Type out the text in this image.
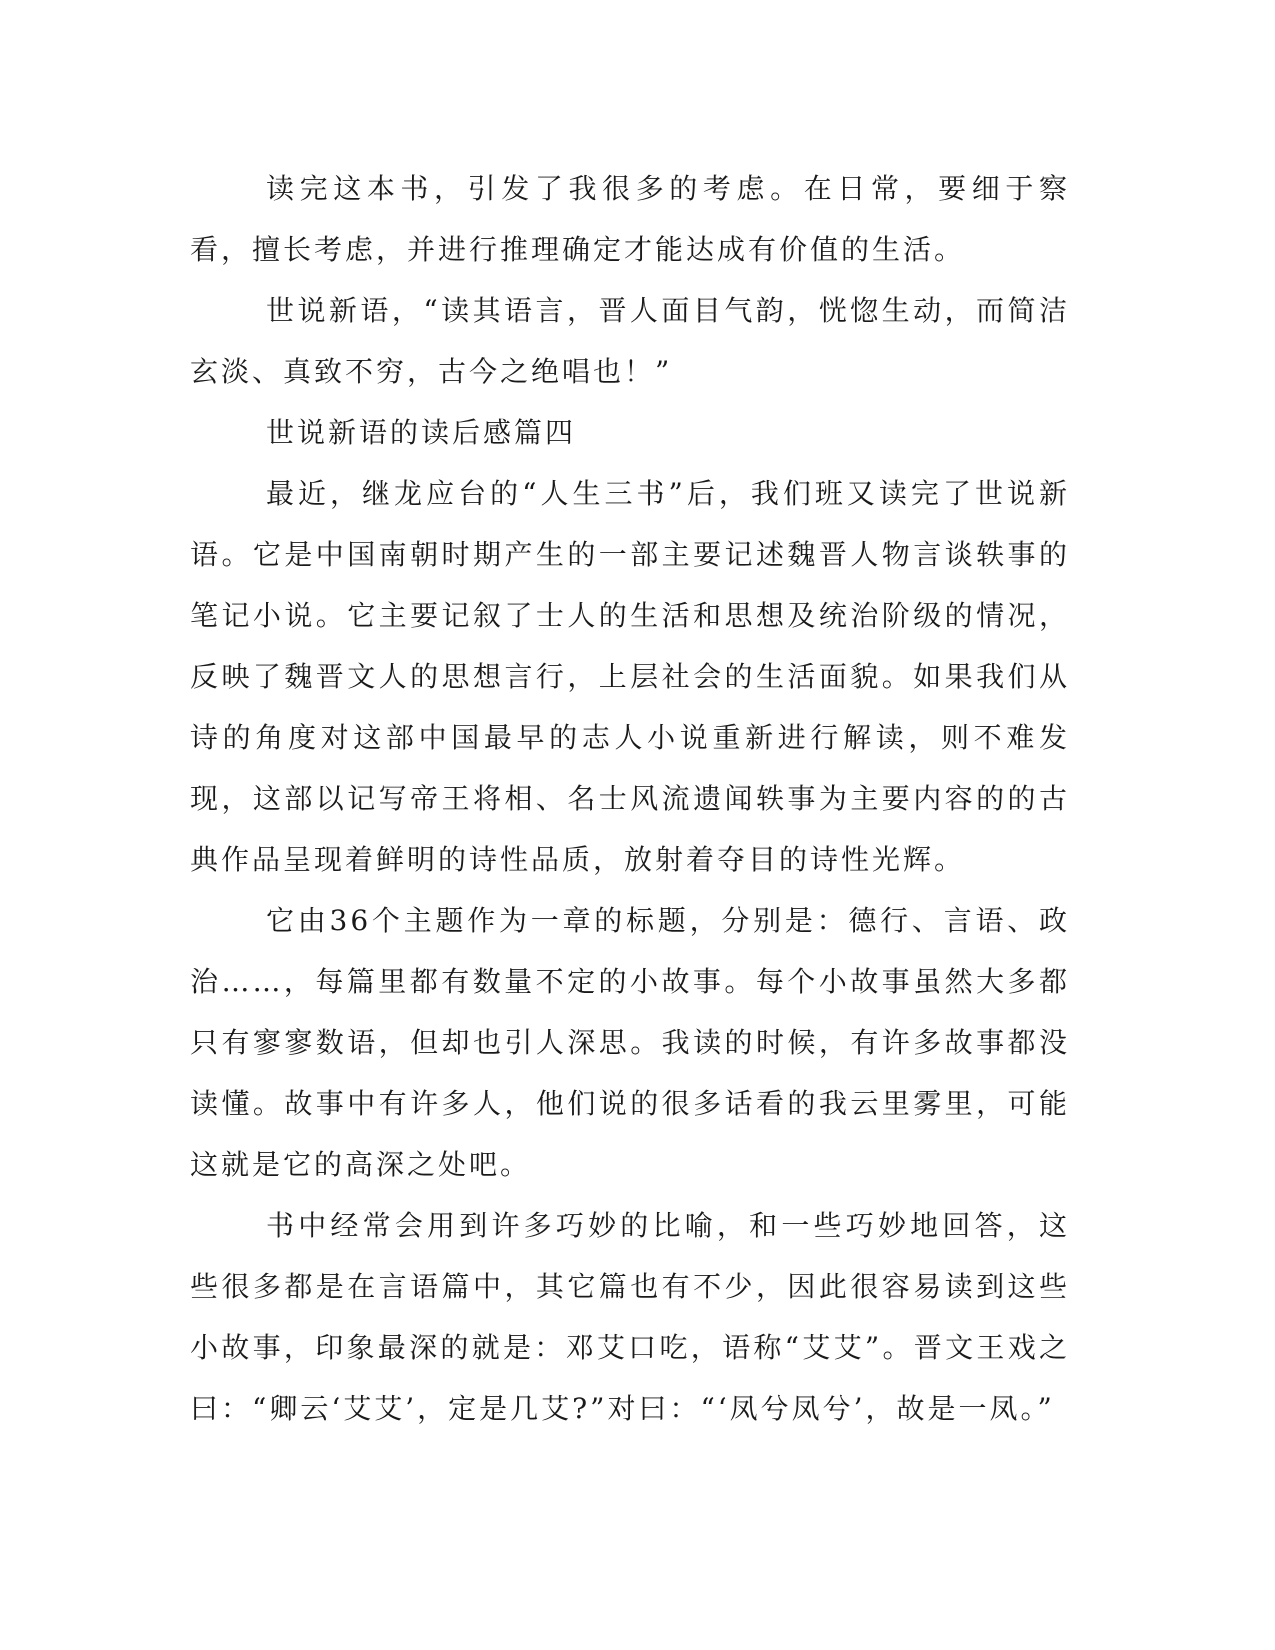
读完这本书，引发了我很多的考虑。在日常，要细于察看，擅长考虑，并进行推理确定才能达成有价值的生活。

世说新语，“读其语言，晋人面目气韵，恍惚生动，而简洁玄淡、真致不穷，古今之绝唱也！”

世说新语的读后感篇四

最近，继龙应台的“人生三书”后，我们班又读完了世说新语。它是中国南朝时期产生的一部主要记述魏晋人物言谈轶事的笔记小说。它主要记叙了士人的生活和思想及统治阶级的情况，反映了魏晋文人的思想言行，上层社会的生活面貌。如果我们从诗的角度对这部中国最早的志人小说重新进行解读，则不难发现，这部以记写帝王将相、名士风流遗闻轶事为主要内容的的古典作品呈现着鲜明的诗性品质，放射着夺目的诗性光辉。

它由36个主题作为一章的标题，分别是：德行、言语、政治……，每篇里都有数量不定的小故事。每个小故事虽然大多都只有寥寥数语，但却也引人深思。我读的时候，有许多故事都没读懂。故事中有许多人，他们说的很多话看的我云里雾里，可能这就是它的高深之处吧。

书中经常会用到许多巧妙的比喻，和一些巧妙地回答，这些很多都是在言语篇中，其它篇也有不少，因此很容易读到这些小故事，印象最深的就是：邓艾口吃，语称“艾艾”。晋文王戏之曰：“卿云‘艾艾’，定是几艾?”对曰：“‘凤兮凤兮’，故是一凤。”
